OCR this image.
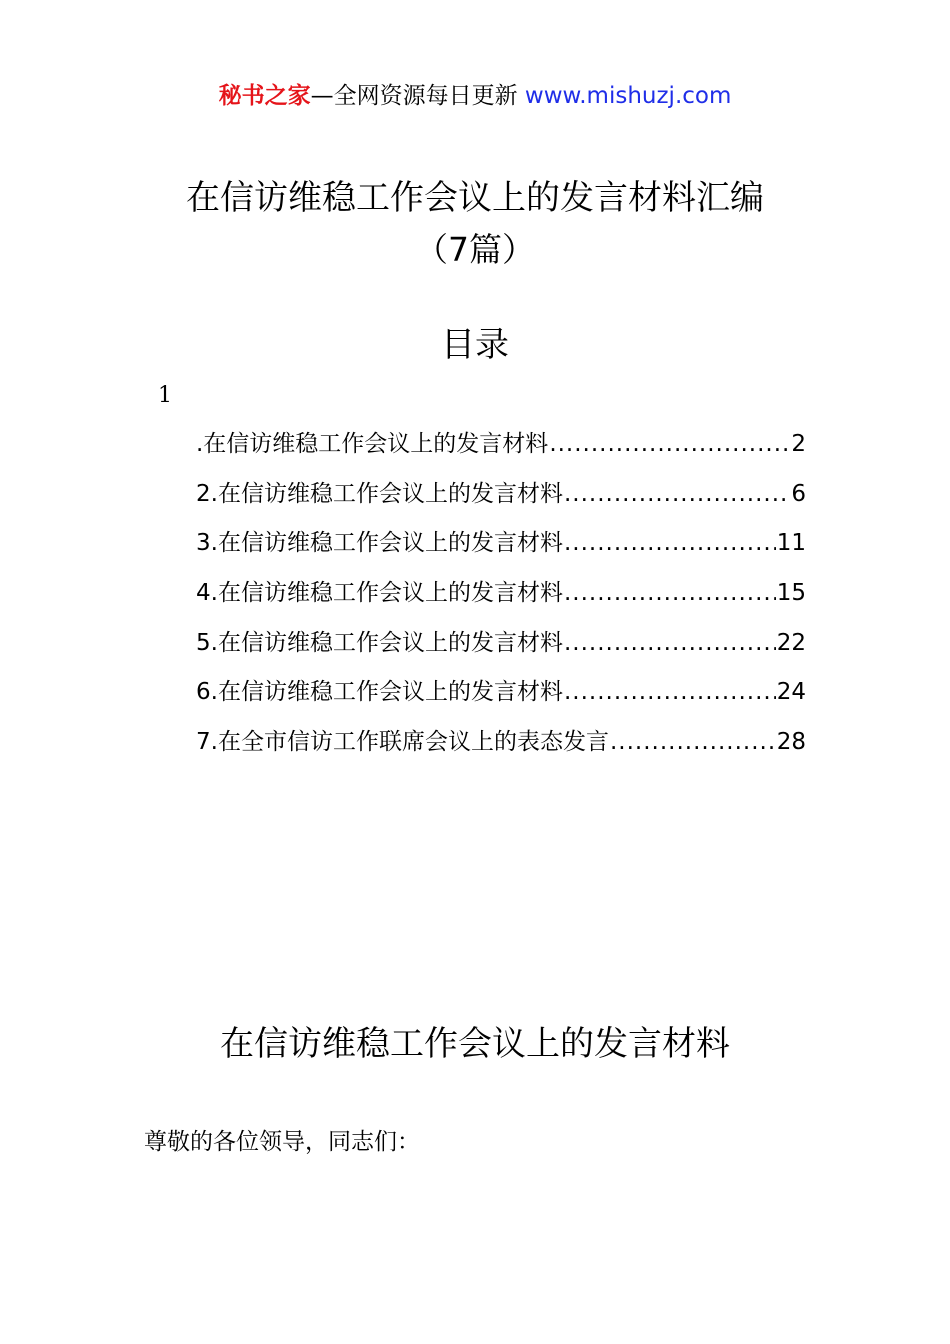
秘书之家—全网资源每日更新 www.mishuzj.com
在信访维稳工作会议上的发言材料汇编
（7篇）
目录
1
.在信访维稳工作会议上的发言材料 .....	2
2.在信访维稳工作会议上的发言材料 .....	6
3.在信访维稳工作会议上的发言材料 .....	11
4.在信访维稳工作会议上的发言材料 .....	15
5.在信访维稳工作会议上的发言材料 .....	22
6.在信访维稳工作会议上的发言材料 .....	24
7.在全市信访工作联席会议上的表态发言 .....	28
在信访维稳工作会议上的发言材料

尊敬的各位领导，同志们：
